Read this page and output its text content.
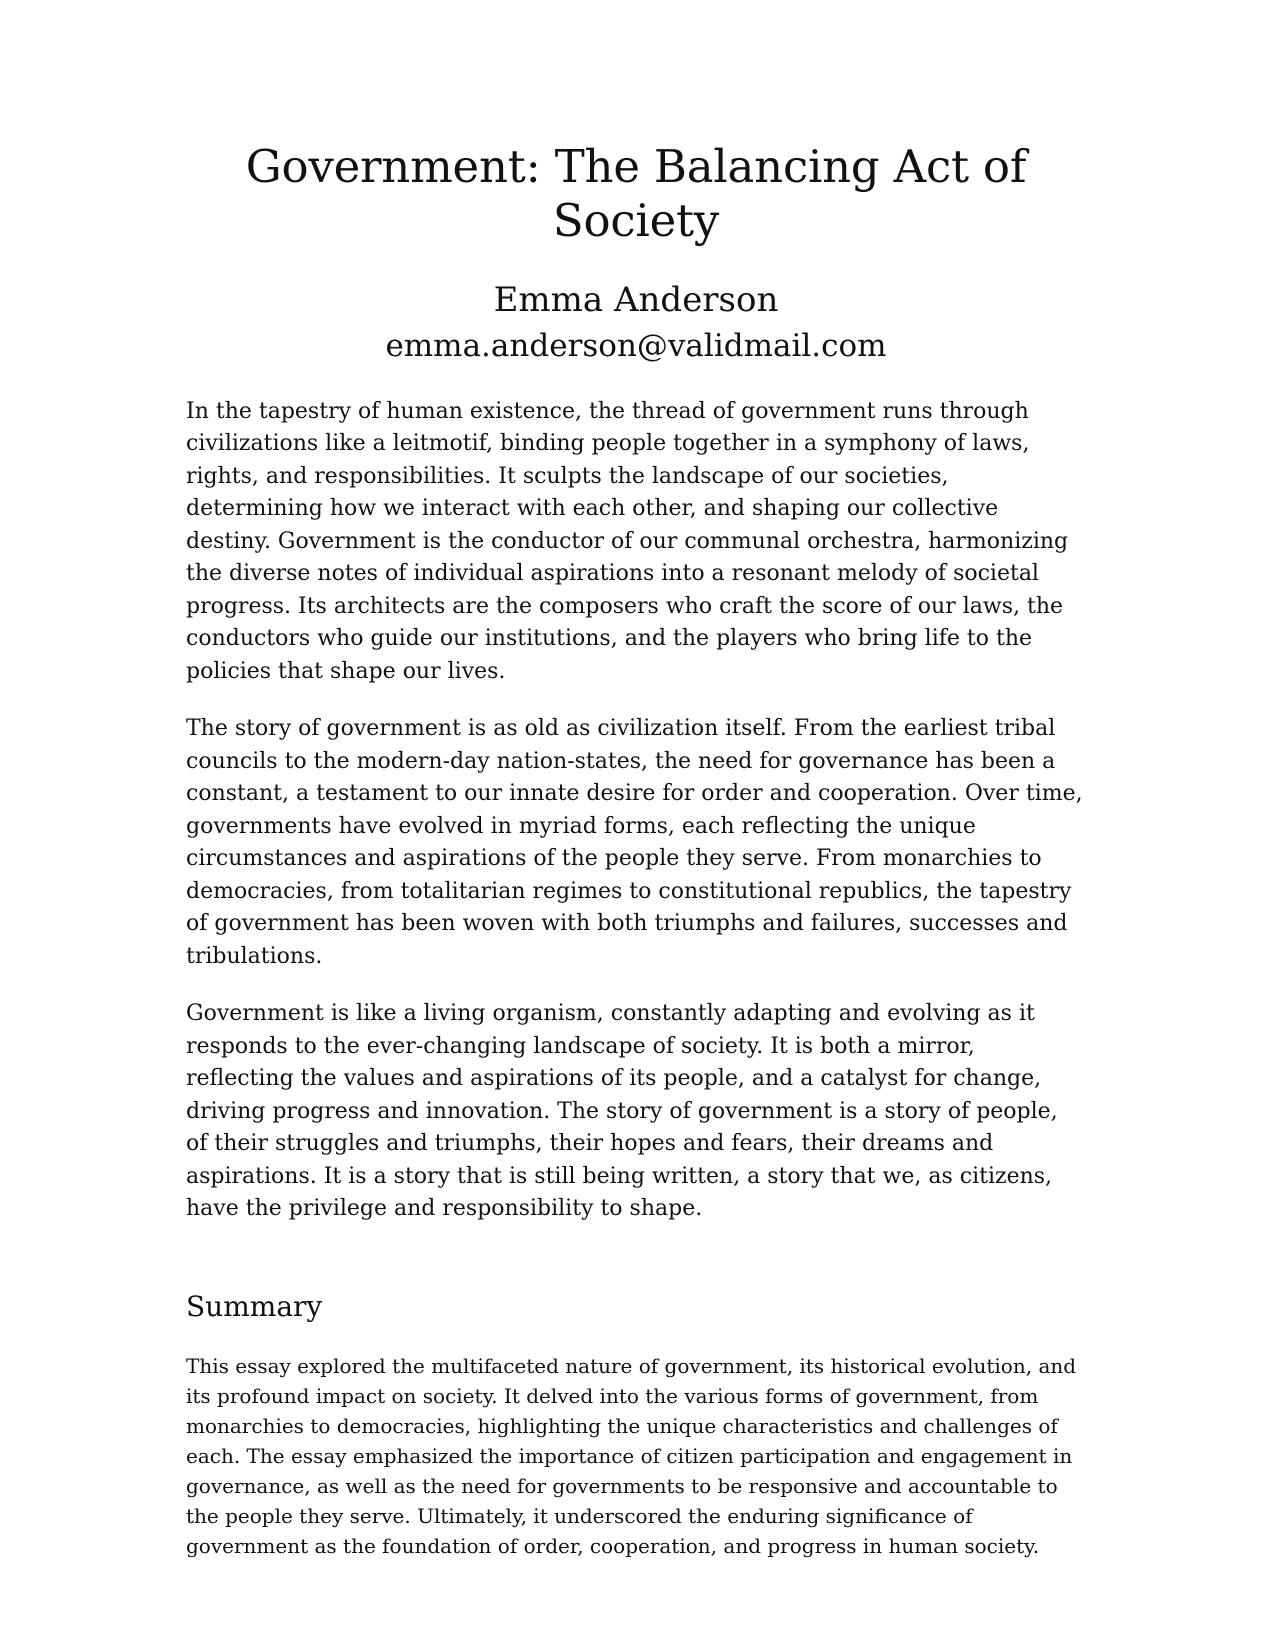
Government: The Balancing Act of Society
Emma Anderson
emma.anderson@validmail.com

In the tapestry of human existence, the thread of government runs through civilizations like a leitmotif, binding people together in a symphony of laws, rights, and responsibilities. It sculpts the landscape of our societies, determining how we interact with each other, and shaping our collective destiny. Government is the conductor of our communal orchestra, harmonizing the diverse notes of individual aspirations into a resonant melody of societal progress. Its architects are the composers who craft the score of our laws, the conductors who guide our institutions, and the players who bring life to the policies that shape our lives.

The story of government is as old as civilization itself. From the earliest tribal councils to the modern-day nation-states, the need for governance has been a constant, a testament to our innate desire for order and cooperation. Over time, governments have evolved in myriad forms, each reflecting the unique circumstances and aspirations of the people they serve. From monarchies to democracies, from totalitarian regimes to constitutional republics, the tapestry of government has been woven with both triumphs and failures, successes and tribulations.

Government is like a living organism, constantly adapting and evolving as it responds to the ever-changing landscape of society. It is both a mirror, reflecting the values and aspirations of its people, and a catalyst for change, driving progress and innovation. The story of government is a story of people, of their struggles and triumphs, their hopes and fears, their dreams and aspirations. It is a story that is still being written, a story that we, as citizens, have the privilege and responsibility to shape.

Summary

This essay explored the multifaceted nature of government, its historical evolution, and its profound impact on society. It delved into the various forms of government, from monarchies to democracies, highlighting the unique characteristics and challenges of each. The essay emphasized the importance of citizen participation and engagement in governance, as well as the need for governments to be responsive and accountable to the people they serve. Ultimately, it underscored the enduring significance of government as the foundation of order, cooperation, and progress in human society.
